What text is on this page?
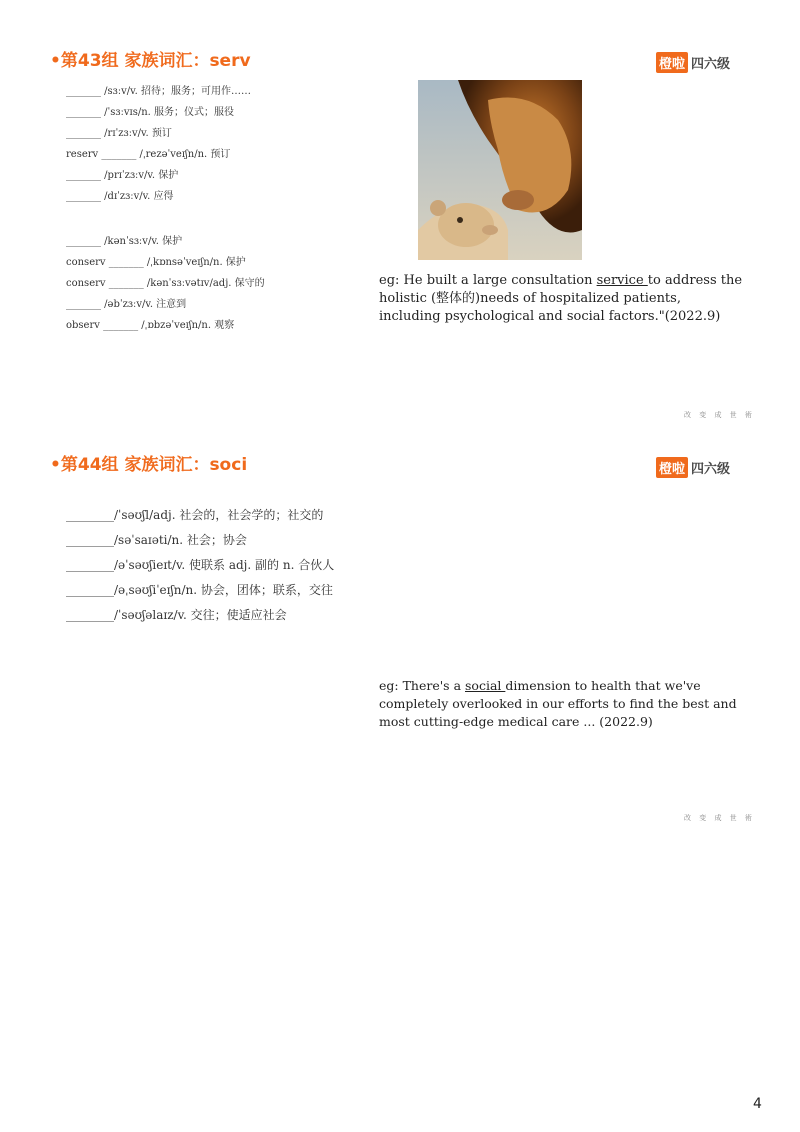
•第43组 家族词汇：serv	橙啦 四六级
_______ /sɜːv/v. 招待；服务；可用作……
_______ /ˈsɜːvɪs/n. 服务；仪式；服役
_______ /rɪˈzɜːv/v. 预订
reserv _______ /ˌrezəˈveɪʃn/n. 预订
_______ /prɪˈzɜːv/v. 保护
_______ /dɪˈzɜːv/v. 应得
_______ /kənˈsɜːv/v. 保护
conserv _______ /ˌkɒnsəˈveɪʃn/n. 保护
conserv _______ /kənˈsɜːvətɪv/adj. 保守的
_______ /əbˈzɜːv/v. 注意到
observ _______ /ˌɒbzəˈveɪʃn/n. 观察
eg: He built a large consultation service to address the
holistic (整体的)needs of hospitalized patients,
including psychological and social factors."(2022.9)
改 变 成 世 術
•第44组 家族词汇：soci	橙啦 四六级
________/ˈsəʊʃl/adj. 社会的，社会学的；社交的
________/səˈsaɪəti/n. 社会；协会
________/əˈsəʊʃieɪt/v. 使联系 adj. 副的 n. 合伙人
________/əˌsəʊʃiˈeɪʃn/n. 协会，团体；联系，交往
________/ˈsəʊʃəlaɪz/v. 交往；使适应社会
eg: There's a social dimension to health that we've
completely overlooked in our efforts to find the best and
most cutting-edge medical care ... (2022.9)
改 变 成 世 術
4
